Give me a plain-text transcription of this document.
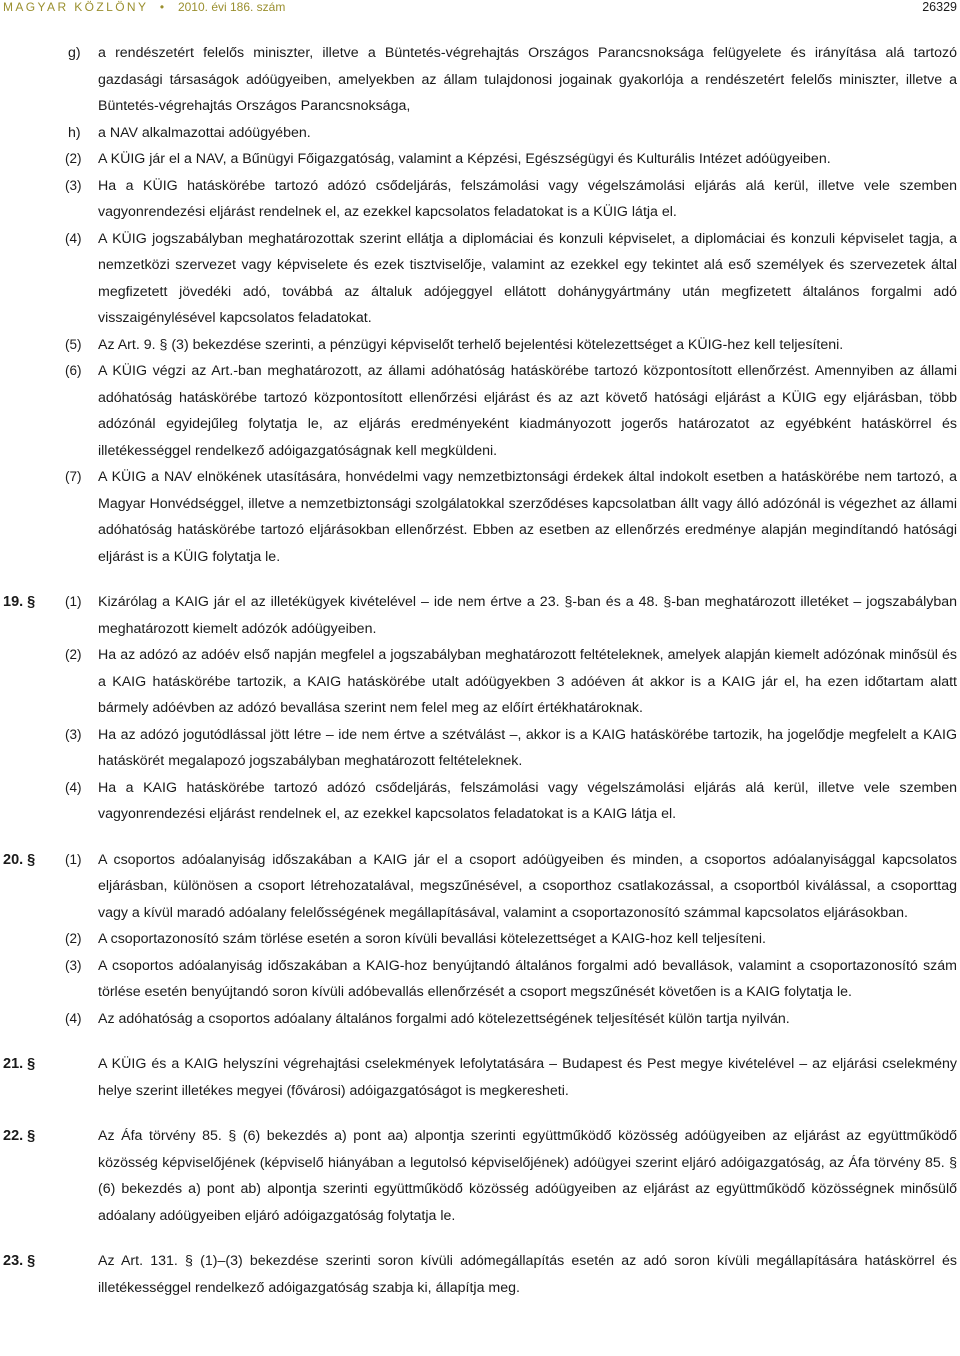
MAGYAR KÖZLÖNY  •  2010. évi 186. szám	26329
g) a rendészetért felelős miniszter, illetve a Büntetés-végrehajtás Országos Parancsnoksága felügyelete és irányítása alá tartozó gazdasági társaságok adóügyeiben, amelyekben az állam tulajdonosi jogainak gyakorlója a rendészetért felelős miniszter, illetve a Büntetés-végrehajtás Országos Parancsnoksága,
h) a NAV alkalmazottai adóügyében.
(2) A KÜIG jár el a NAV, a Bűnügyi Főigazgatóság, valamint a Képzési, Egészségügyi és Kulturális Intézet adóügyeiben.
(3) Ha a KÜIG hatáskörébe tartozó adózó csődeljárás, felszámolási vagy végelszámolási eljárás alá kerül, illetve vele szemben vagyonrendezési eljárást rendelnek el, az ezekkel kapcsolatos feladatokat is a KÜIG látja el.
(4) A KÜIG jogszabályban meghatározottak szerint ellátja a diplomáciai és konzuli képviselet, a diplomáciai és konzuli képviselet tagja, a nemzetközi szervezet vagy képviselete és ezek tisztviselője, valamint az ezekkel egy tekintet alá eső személyek és szervezetek által megfizetett jövedéki adó, továbbá az általuk adójeggyel ellátott dohánygyártmány után megfizetett általános forgalmi adó visszaigénylésével kapcsolatos feladatokat.
(5) Az Art. 9. § (3) bekezdése szerinti, a pénzügyi képviselőt terhelő bejelentési kötelezettséget a KÜIG-hez kell teljesíteni.
(6) A KÜIG végzi az Art.-ban meghatározott, az állami adóhatóság hatáskörébe tartozó központosított ellenőrzést. Amennyiben az állami adóhatóság hatáskörébe tartozó központosított ellenőrzési eljárást és az azt követő hatósági eljárást a KÜIG egy eljárásban, több adózónál egyidejűleg folytatja le, az eljárás eredményeként kiadmányozott jogerős határozatot az egyébként hatáskörrel és illetékességgel rendelkező adóigazgatóságnak kell megküldeni.
(7) A KÜIG a NAV elnökének utasítására, honvédelmi vagy nemzetbiztonsági érdekek által indokolt esetben a hatáskörébe nem tartozó, a Magyar Honvédséggel, illetve a nemzetbiztonsági szolgálatokkal szerződéses kapcsolatban állt vagy álló adózónál is végezhet az állami adóhatóság hatáskörébe tartozó eljárásokban ellenőrzést. Ebben az esetben az ellenőrzés eredménye alapján megindítandó hatósági eljárást is a KÜIG folytatja le.
19. § (1) Kizárólag a KAIG jár el az illetékügyek kivételével – ide nem értve a 23. §-ban és a 48. §-ban meghatározott illetéket – jogszabályban meghatározott kiemelt adózók adóügyeiben.
(2) Ha az adózó az adóév első napján megfelel a jogszabályban meghatározott feltételeknek, amelyek alapján kiemelt adózónak minősül és a KAIG hatáskörébe tartozik, a KAIG hatáskörébe utalt adóügyekben 3 adóéven át akkor is a KAIG jár el, ha ezen időtartam alatt bármely adóévben az adózó bevallása szerint nem felel meg az előírt értékhatároknak.
(3) Ha az adózó jogutódlással jött létre – ide nem értve a szétválást –, akkor is a KAIG hatáskörébe tartozik, ha jogelődje megfelelt a KAIG hatáskörét megalapozó jogszabályban meghatározott feltételeknek.
(4) Ha a KAIG hatáskörébe tartozó adózó csődeljárás, felszámolási vagy végelszámolási eljárás alá kerül, illetve vele szemben vagyonrendezési eljárást rendelnek el, az ezekkel kapcsolatos feladatokat is a KAIG látja el.
20. § (1) A csoportos adóalanyiság időszakában a KAIG jár el a csoport adóügyeiben és minden, a csoportos adóalanyisággal kapcsolatos eljárásban, különösen a csoport létrehozatalával, megszűnésével, a csoporthoz csatlakozással, a csoportból kiválással, a csoporttag vagy a kívül maradó adóalany felelősségének megállapításával, valamint a csoportazonosító számmal kapcsolatos eljárásokban.
(2) A csoportazonosító szám törlése esetén a soron kívüli bevallási kötelezettséget a KAIG-hoz kell teljesíteni.
(3) A csoportos adóalanyiság időszakában a KAIG-hoz benyújtandó általános forgalmi adó bevallások, valamint a csoportazonosító szám törlése esetén benyújtandó soron kívüli adóbevallás ellenőrzését a csoport megszűnését követően is a KAIG folytatja le.
(4) Az adóhatóság a csoportos adóalany általános forgalmi adó kötelezettségének teljesítését külön tartja nyilván.
21. §	A KÜIG és a KAIG helyszíni végrehajtási cselekmények lefolytatására – Budapest és Pest megye kivételével – az eljárási cselekmény helye szerint illetékes megyei (fővárosi) adóigazgatóságot is megkeresheti.
22. §	Az Áfa törvény 85. § (6) bekezdés a) pont aa) alpontja szerinti együttműködő közösség adóügyeiben az eljárást az együttműködő közösség képviselőjének (képviselő hiányában a legutolsó képviselőjének) adóügyei szerint eljáró adóigazgatóság, az Áfa törvény 85. § (6) bekezdés a) pont ab) alpontja szerinti együttműködő közösség adóügyeiben az eljárást az együttműködő közösségnek minősülő adóalany adóügyeiben eljáró adóigazgatóság folytatja le.
23. §	Az Art. 131. § (1)–(3) bekezdése szerinti soron kívüli adómegállapítás esetén az adó soron kívüli megállapítására hatáskörrel és illetékességgel rendelkező adóigazgatóság szabja ki, állapítja meg.
